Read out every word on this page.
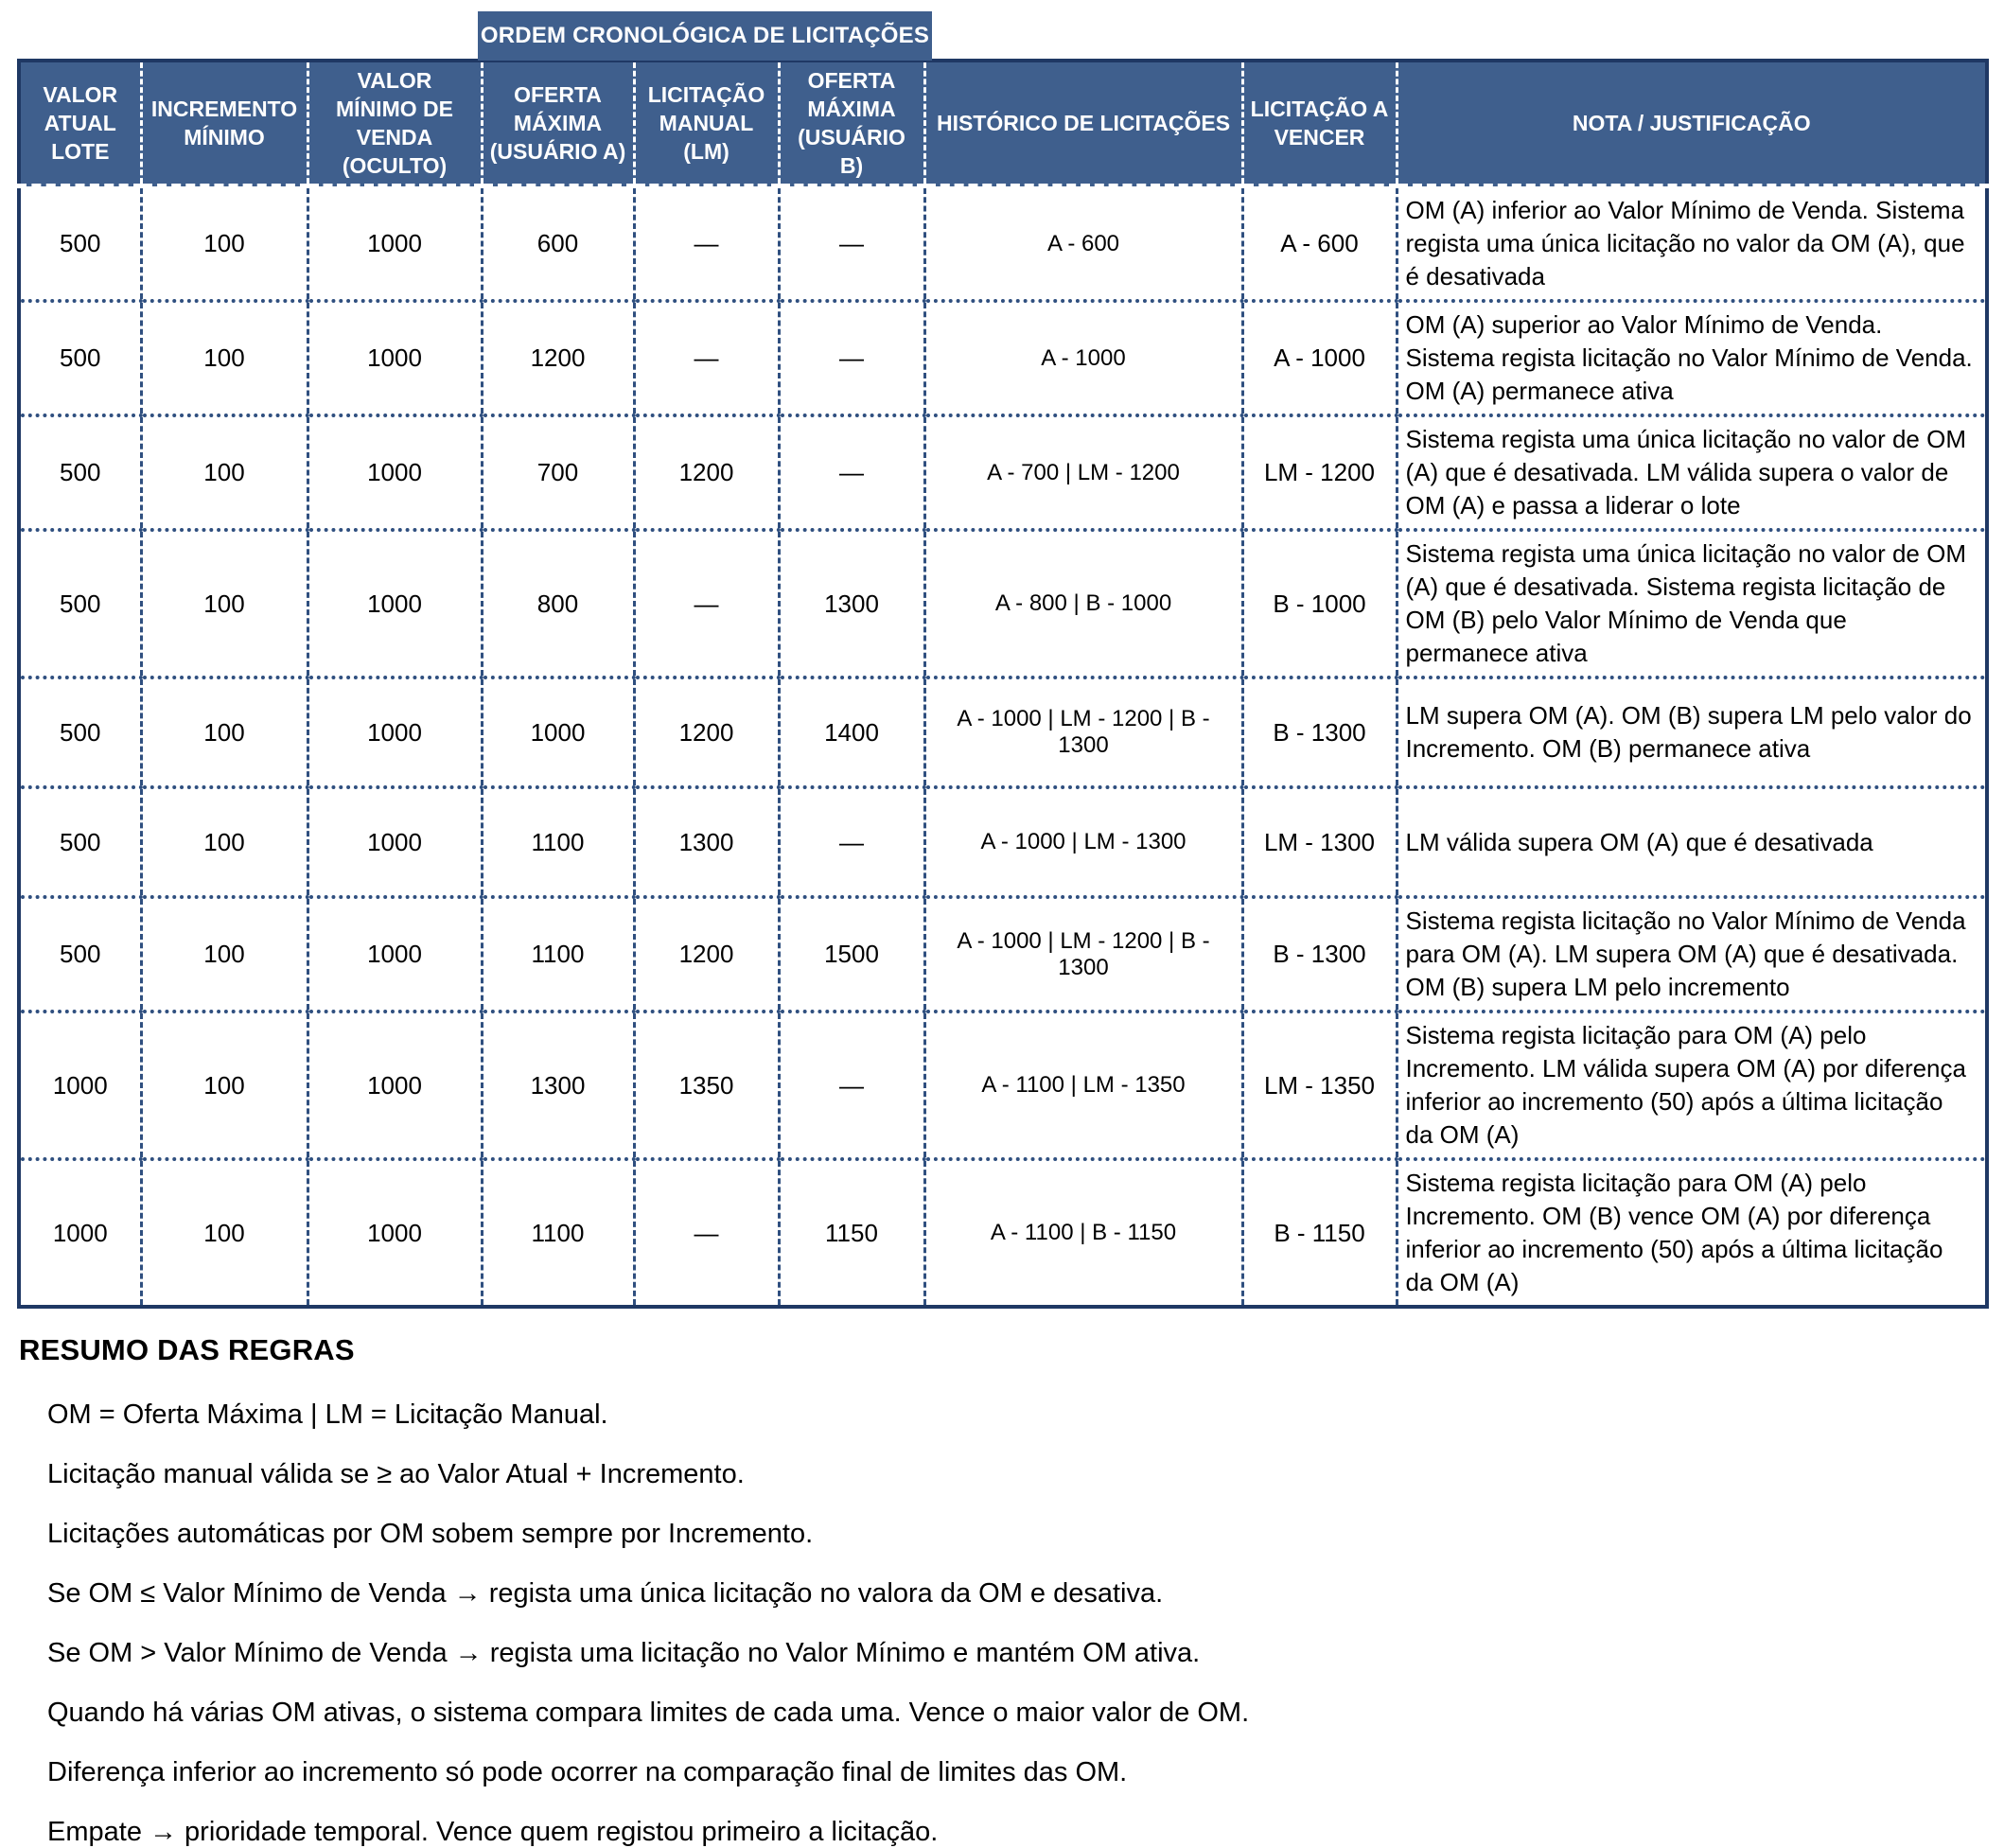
ORDEM CRONOLÓGICA DE LICITAÇÕES
VALOR ATUAL LOTE	INCREMENTO MÍNIMO	VALOR MÍNIMO DE VENDA (OCULTO)	OFERTA MÁXIMA (USUÁRIO A)	LICITAÇÃO MANUAL (LM)	OFERTA MÁXIMA (USUÁRIO B)	HISTÓRICO DE LICITAÇÕES	LICITAÇÃO A VENCER	NOTA / JUSTIFICAÇÃO
500	100	1000	600	—	—	A - 600	A - 600	OM (A) inferior ao Valor Mínimo de Venda. Sistema regista uma única licitação no valor da OM (A), que é desativada
500	100	1000	1200	—	—	A - 1000	A - 1000	OM (A) superior ao Valor Mínimo de Venda. Sistema regista licitação no Valor Mínimo de Venda. OM (A) permanece ativa
500	100	1000	700	1200	—	A - 700 | LM - 1200	LM - 1200	Sistema regista uma única licitação no valor de OM (A) que é desativada. LM válida supera o valor de OM (A) e passa a liderar o lote
500	100	1000	800	—	1300	A - 800 | B - 1000	B - 1000	Sistema regista uma única licitação no valor de OM (A) que é desativada. Sistema regista licitação de OM (B) pelo Valor Mínimo de Venda que permanece ativa
500	100	1000	1000	1200	1400	A - 1000 | LM - 1200 | B - 1300	B - 1300	LM supera OM (A). OM (B) supera LM pelo valor do Incremento. OM (B) permanece ativa
500	100	1000	1100	1300	—	A - 1000 | LM - 1300	LM - 1300	LM válida supera OM (A) que é desativada
500	100	1000	1100	1200	1500	A - 1000 | LM - 1200 | B - 1300	B - 1300	Sistema regista licitação no Valor Mínimo de Venda para OM (A). LM supera OM (A) que é desativada. OM (B) supera LM pelo incremento
1000	100	1000	1300	1350	—	A - 1100 | LM - 1350	LM - 1350	Sistema regista licitação para OM (A) pelo Incremento. LM válida supera OM (A) por diferença inferior ao incremento (50) após a última licitação da OM (A)
1000	100	1000	1100	—	1150	A - 1100 | B - 1150	B - 1150	Sistema regista licitação para OM (A) pelo Incremento. OM (B) vence OM (A) por diferença inferior ao incremento (50) após a última licitação da OM (A)
RESUMO DAS REGRAS

OM = Oferta Máxima | LM = Licitação Manual.

Licitação manual válida se ≥ ao Valor Atual + Incremento.

Licitações automáticas por OM sobem sempre por Incremento.

Se OM ≤ Valor Mínimo de Venda → regista uma única licitação no valora da OM e desativa.

Se OM > Valor Mínimo de Venda → regista uma licitação no Valor Mínimo e mantém OM ativa.

Quando há várias OM ativas, o sistema compara limites de cada uma. Vence o maior valor de OM.

Diferença inferior ao incremento só pode ocorrer na comparação final de limites das OM.

Empate → prioridade temporal. Vence quem registou primeiro a licitação.
